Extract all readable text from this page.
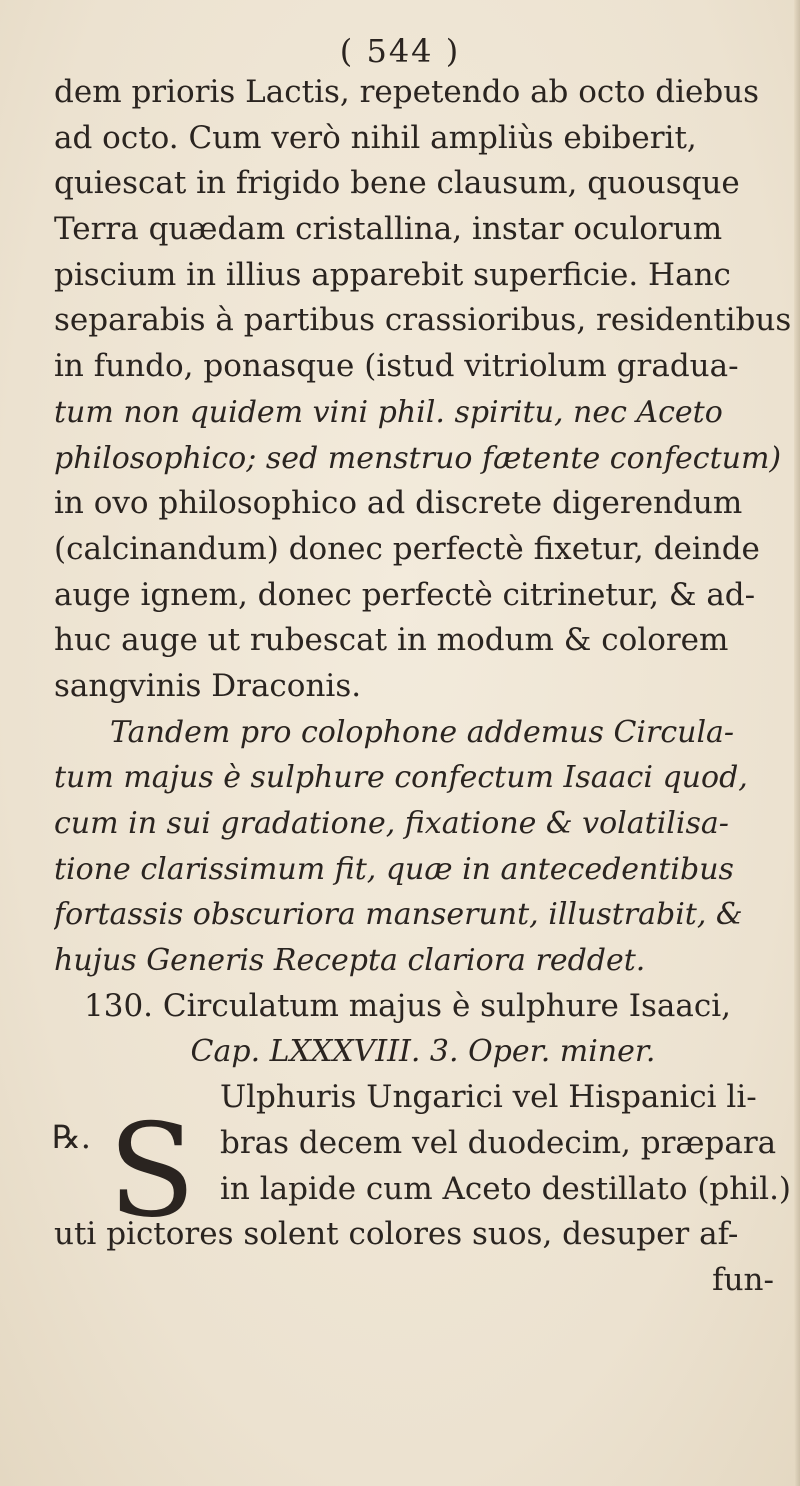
( 544 )
dem prioris Lactis, repetendo ab octo diebus
ad octo. Cum verò nihil ampliùs ebiberit,
quiescat in frigido bene clausum, quousque
Terra quædam cristallina, instar oculorum
piscium in illius apparebit superficie. Hanc
separabis à partibus crassioribus, residentibus
in fundo, ponasque (istud vitriolum gradua-
tum non quidem vini phil. spiritu, nec Aceto
philosophico; sed menstruo fætente confectum)
in ovo philosophico ad discrete digerendum
(calcinandum) donec perfectè fixetur, deinde
auge ignem, donec perfectè citrinetur, & ad-
huc auge ut rubescat in modum & colorem
sangvinis Draconis.
Tandem pro colophone addemus Circula-
tum majus è sulphure confectum Isaaci quod,
cum in sui gradatione, fixatione & volatilisa-
tione clarissimum fit, quæ in antecedentibus
fortassis obscuriora manserunt, illustrabit, &
hujus Generis Recepta clariora reddet.
130. Circulatum majus è sulphure Isaaci,
Cap. LXXXVIII. 3. Oper. miner.
Ulphuris Ungarici vel Hispanici li-
bras decem vel duodecim, præpara
in lapide cum Aceto destillato (phil.)
uti pictores solent colores suos, desuper af-
fun-
℞. S
